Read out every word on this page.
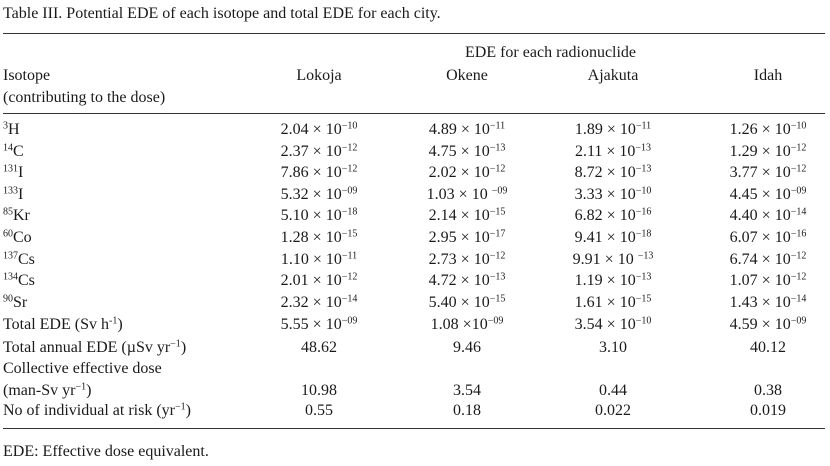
Table III. Potential EDE of each isotope and total EDE for each city.
EDE for each radionuclide
Isotope
(contributing to the dose)
Lokoja	Okene	Ajakuta	Idah
$^3$H	$2.04 \times 10^{-10}$	$4.89 \times 10^{-11}$	$1.89 \times 10^{-11}$	$1.26 \times 10^{-10}$
$^{14}$C	$2.37 \times 10^{-12}$	$4.75 \times 10^{-13}$	$2.11 \times 10^{-13}$	$1.29 \times 10^{-12}$
$^{131}$I	$7.86 \times 10^{-12}$	$2.02 \times 10^{-12}$	$8.72 \times 10^{-13}$	$3.77 \times 10^{-12}$
$^{133}$I	$5.32 \times 10^{-09}$	1.03 × 10 $^{-09}$	$3.33 \times 10^{-10}$	$4.45 \times 10^{-09}$
$^{85}$Kr	$5.10 \times 10^{-18}$	$2.14 \times 10^{-15}$	$6.82 \times 10^{-16}$	$4.40 \times 10^{-14}$
$^{60}$Co	$1.28 \times 10^{-15}$	$2.95 \times 10^{-17}$	$9.41 \times 10^{-18}$	$6.07 \times 10^{-16}$
$^{137}$Cs	$1.10 \times 10^{-11}$	$2.73 \times 10^{-12}$	9.91 × 10 $^{-13}$	$6.74 \times 10^{-12}$
$^{134}$Cs	$2.01 \times 10^{-12}$	$4.72 \times 10^{-13}$	$1.19 \times 10^{-13}$	$1.07 \times 10^{-12}$
$^{90}$Sr	$2.32 \times 10^{-14}$	$5.40 \times 10^{-15}$	$1.61 \times 10^{-15}$	$1.43 \times 10^{-14}$
Total EDE (Sv $h^{-1}$)	$5.55 \times 10^{-09}$	$1.08 \times 10^{-09}$	$3.54 \times 10^{-10}$	$4.59 \times 10^{-09}$
Total annual EDE (µSv $yr^{-1}$)	48.62	9.46	3.10	40.12
Collective effective dose
(man-Sv $yr^{-1}$)	10.98	3.54	0.44	0.38
No of individual at risk $(yr^{-1})$	0.55	0.18	0.022	0.019
EDE: Effective dose equivalent.
